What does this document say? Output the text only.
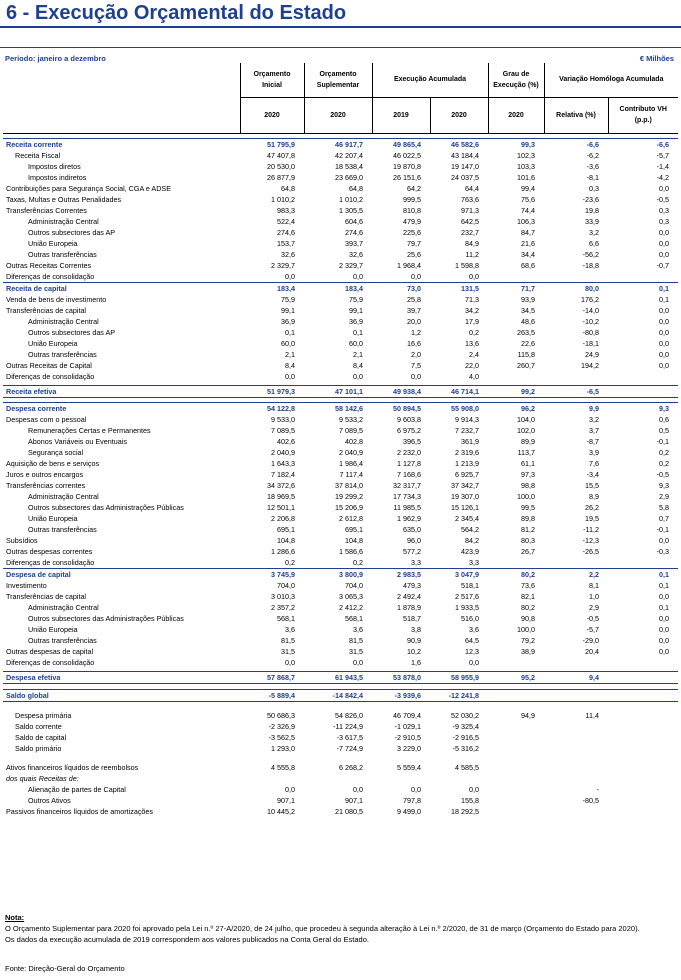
6 - Execução Orçamental do Estado
Período: janeiro a dezembro	€ Milhões
	Orçamento Inicial	Orçamento Suplementar	Execução Acumulada		Grau de Execução (%)	Variação Homóloga Acumulada	
	2020	2020	2019	2020	2020	Relativa (%)	Contributo VH (p.p.)

Receita corrente	51 795,9	46 917,7	49 865,4	46 582,6	99,3	-6,6	-6,6
Receita Fiscal	47 407,8	42 207,4	46 022,5	43 184,4	102,3	-6,2	-5,7
Impostos diretos	20 530,0	18 538,4	19 870,8	19 147,0	103,3	-3,6	-1,4
Impostos indiretos	26 877,9	23 669,0	26 151,6	24 037,5	101,6	-8,1	-4,2
Contribuições para Segurança Social, CGA e ADSE	64,8	64,8	64,2	64,4	99,4	0,3	0,0
Taxas, Multas e Outras Penalidades	1 010,2	1 010,2	999,5	763,6	75,6	-23,6	-0,5
Transferências Correntes	983,3	1 305,5	810,8	971,3	74,4	19,8	0,3
Administração Central	522,4	604,6	479,9	642,5	106,3	33,9	0,3
Outros subsectores das AP	274,6	274,6	225,6	232,7	84,7	3,2	0,0
União Europeia	153,7	393,7	79,7	84,9	21,6	6,6	0,0
Outras transferências	32,6	32,6	25,6	11,2	34,4	-56,2	0,0
Outras Receitas Correntes	2 329,7	2 329,7	1 968,4	1 598,8	68,6	-18,8	-0,7
Diferenças de consolidação	0,0	0,0	0,0	0,0			
Receita de capital	183,4	183,4	73,0	131,5	71,7	80,0	0,1
Venda de bens de investimento	75,9	75,9	25,8	71,3	93,9	176,2	0,1
Transferências de capital	99,1	99,1	39,7	34,2	34,5	-14,0	0,0
Administração Central	36,9	36,9	20,0	17,9	48,6	-10,2	0,0
Outros subsectores das AP	0,1	0,1	1,2	0,2	263,5	-80,8	0,0
União Europeia	60,0	60,0	16,6	13,6	22,6	-18,1	0,0
Outras transferências	2,1	2,1	2,0	2,4	115,8	24,9	0,0
Outras Receitas de Capital	8,4	8,4	7,5	22,0	260,7	194,2	0,0
Diferenças de consolidação	0,0	0,0	0,0	4,0			

Receita efetiva	51 979,3	47 101,1	49 938,4	46 714,1	99,2	-6,5	

Despesa corrente	54 122,8	58 142,6	50 894,5	55 908,0	96,2	9,9	9,3
Despesas com o pessoal	9 533,0	9 533,2	9 603,8	9 914,3	104,0	3,2	0,6
Remunerações Certas e Permanentes	7 089,5	7 089,5	6 975,2	7 232,7	102,0	3,7	0,5
Abonos Variáveis ou Eventuais	402,6	402,8	396,5	361,9	89,9	-8,7	-0,1
Segurança social	2 040,9	2 040,9	2 232,0	2 319,6	113,7	3,9	0,2
Aquisição de bens e serviços	1 643,3	1 986,4	1 127,8	1 213,9	61,1	7,6	0,2
Juros e outros encargos	7 182,4	7 117,4	7 168,6	6 925,7	97,3	-3,4	-0,5
Transferências correntes	34 372,6	37 814,0	32 317,7	37 342,7	98,8	15,5	9,3
Administração Central	18 969,5	19 299,2	17 734,3	19 307,0	100,0	8,9	2,9
Outros subsectores das Administrações Públicas	12 501,1	15 206,9	11 985,5	15 126,1	99,5	26,2	5,8
União Europeia	2 206,8	2 612,8	1 962,9	2 345,4	89,8	19,5	0,7
Outras transferências	695,1	695,1	635,0	564,2	81,2	-11,2	-0,1
Subsídios	104,8	104,8	96,0	84,2	80,3	-12,3	0,0
Outras despesas correntes	1 286,6	1 586,6	577,2	423,9	26,7	-26,5	-0,3
Diferenças de consolidação	0,2	0,2	3,3	3,3			
Despesa de capital	3 745,9	3 800,9	2 983,5	3 047,9	80,2	2,2	0,1
Investimento	704,0	704,0	479,3	518,1	73,6	8,1	0,1
Transferências de capital	3 010,3	3 065,3	2 492,4	2 517,6	82,1	1,0	0,0
Administração Central	2 357,2	2 412,2	1 878,9	1 933,5	80,2	2,9	0,1
Outros subsectores das Administrações Públicas	568,1	568,1	518,7	516,0	90,8	-0,5	0,0
União Europeia	3,6	3,6	3,8	3,6	100,0	-5,7	0,0
Outras transferências	81,5	81,5	90,9	64,5	79,2	-29,0	0,0
Outras despesas de capital	31,5	31,5	10,2	12,3	38,9	20,4	0,0
Diferenças de consolidação	0,0	0,0	1,6	0,0			

Despesa efetiva	57 868,7	61 943,5	53 878,0	58 955,9	95,2	9,4	

Saldo global	-5 889,4	-14 842,4	-3 939,6	-12 241,8			

Despesa primária	50 686,3	54 826,0	46 709,4	52 030,2	94,9	11,4	
Saldo corrente	-2 326,9	-11 224,9	-1 029,1	-9 325,4			
Saldo de capital	-3 562,5	-3 617,5	-2 910,5	-2 916,5			
Saldo primário	1 293,0	-7 724,9	3 229,0	-5 316,2			

Ativos financeiros líquidos de reembolsos	4 555,8	6 268,2	5 559,4	4 585,5			
dos quais Receitas de:							
Alienação de partes de Capital	0,0	0,0	0,0	0,0		-	
Outros Ativos	907,1	907,1	797,8	155,8		-80,5	
Passivos financeiros líquidos de amortizações	10 445,2	21 080,5	9 499,0	18 292,5			
Nota:
O Orçamento Suplementar para 2020 foi aprovado pela Lei n.º 27-A/2020, de 24 julho, que procedeu à segunda alteração à Lei n.º 2/2020, de 31 de março (Orçamento do Estado para 2020).
Os dados da execução acumulada de 2019 correspondem aos valores publicados na Conta Geral do Estado.
Fonte: Direção-Geral do Orçamento
